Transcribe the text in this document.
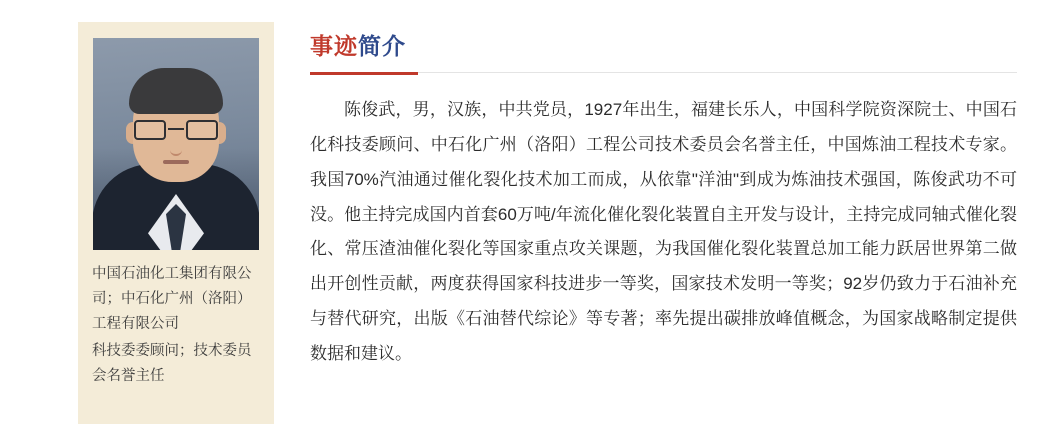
中国石油化工集团有限公司；中石化广州（洛阳）工程有限公司
科技委委顾问；技术委员会名誉主任
事迹简介

陈俊武，男，汉族，中共党员，1927年出生，福建长乐人，中国科学院资深院士、中国石化科技委顾问、中石化广州（洛阳）工程公司技术委员会名誉主任，中国炼油工程技术专家。我国70%汽油通过催化裂化技术加工而成，从依靠"洋油"到成为炼油技术强国，陈俊武功不可没。他主持完成国内首套60万吨/年流化催化裂化装置自主开发与设计，主持完成同轴式催化裂化、常压渣油催化裂化等国家重点攻关课题，为我国催化裂化装置总加工能力跃居世界第二做出开创性贡献，两度获得国家科技进步一等奖，国家技术发明一等奖；92岁仍致力于石油补充与替代研究，出版《石油替代综论》等专著；率先提出碳排放峰值概念，为国家战略制定提供数据和建议。
